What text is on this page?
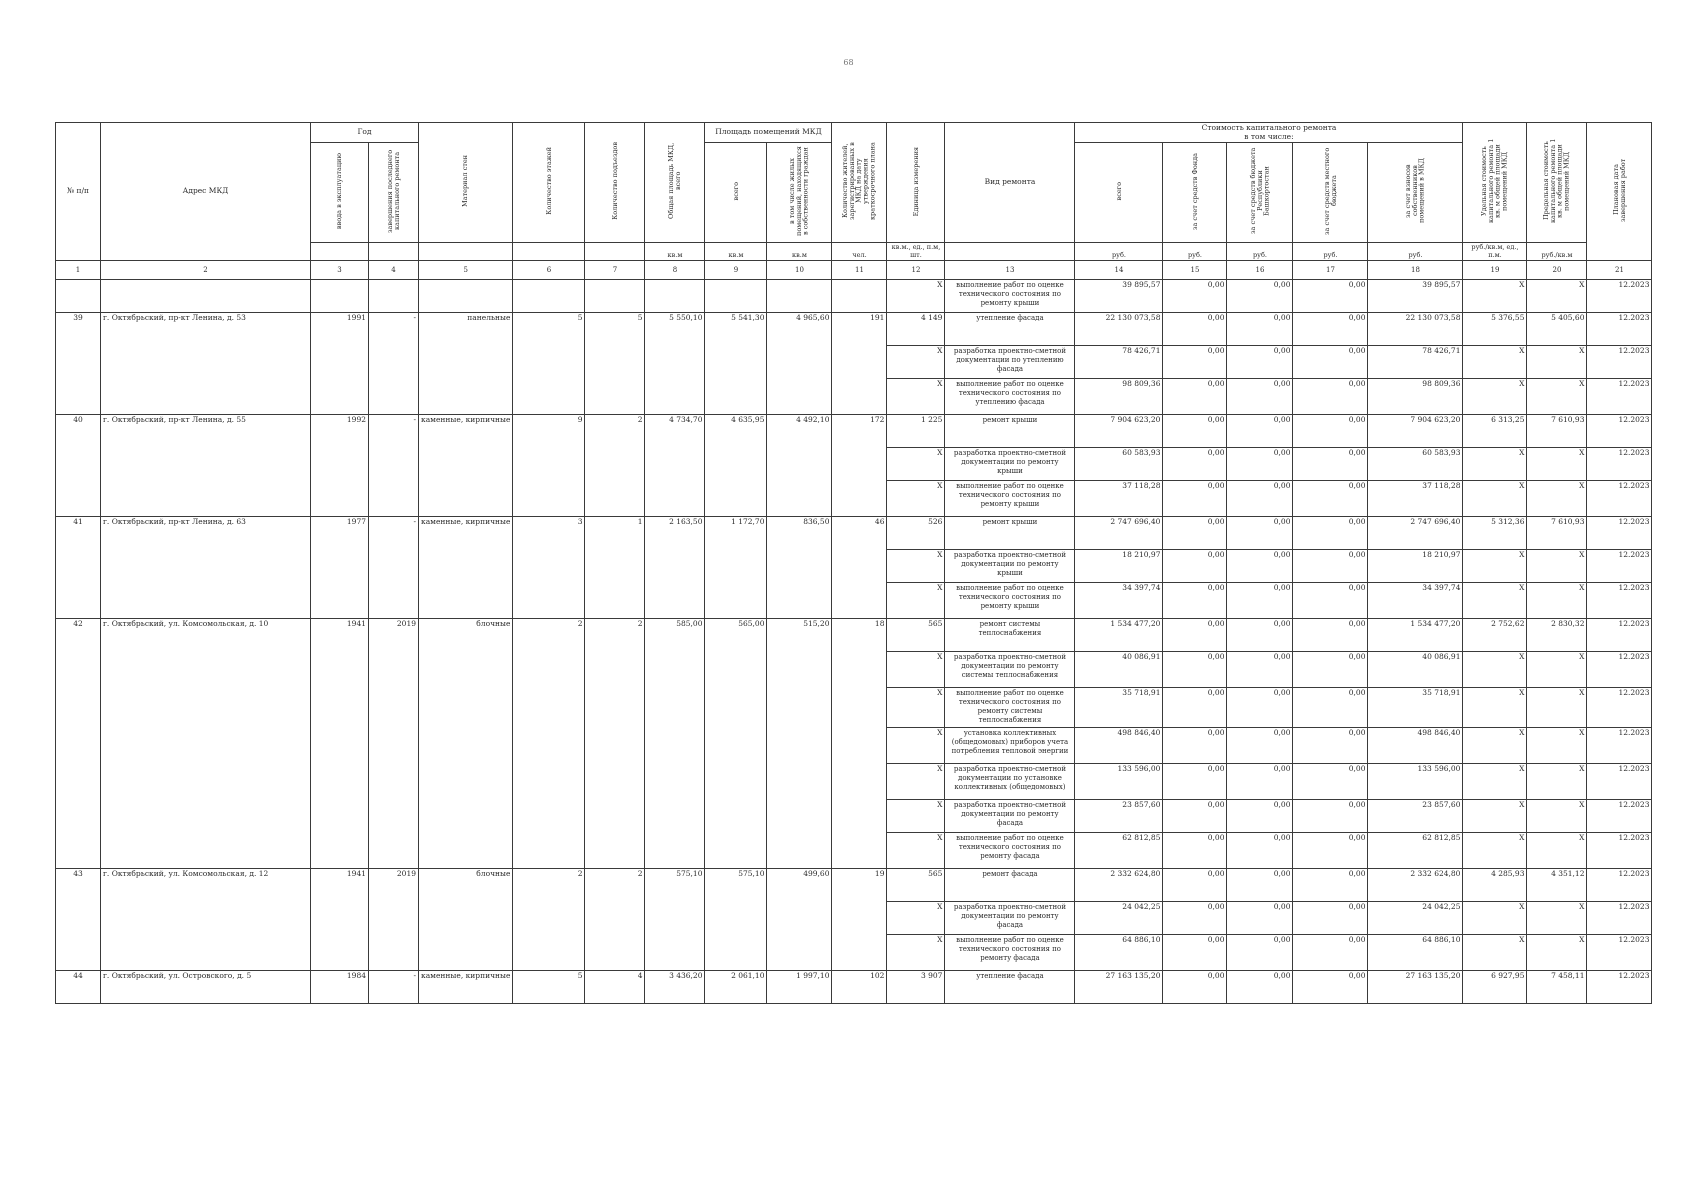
68
№ п/п	Адрес МКД	Год		Материал стен	Количество этажей	Количество подъездов	Общая площадь МКД, всего	Площадь помещений МКД		Количество жителей, зарегистрированных в МКД на дату утверждения краткосрочного плана	Единица измерения	Вид ремонта	Стоимость капитального ремонта
в том числе:					Удельная стоимость капитального ремонта 1 кв. м общей площади помещений МКД	Предельная стоимость капитального ремонта 1 кв. м общей площади помещений МКД	Плановая дата завершения работ
		ввода в эксплуатацию	завершения последнего капитального ремонта					всего	в том числе жилых помещений, находящихся в собственности граждан				всего	за счет средств Фонда	за счет средств бюджета Республики Башкортостан	за счет средств местного бюджета	за счет взносов собственников помещений в МКД			
							кв.м	кв.м	кв.м	чел.	кв.м., ед., п.м, шт.		руб.	руб.	руб.	руб.	руб.	руб./кв.м, ед., п.м.	руб./кв.м	
1	2	3	4	5	6	7	8	9	10	11	12	13	14	15	16	17	18	19	20	21
											X	выполнение работ по оценке технического состояния по ремонту крыши	39 895,57	0,00	0,00	0,00	39 895,57	X	X	12.2023
39	г. Октябрьский, пр-кт Ленина, д. 53	1991	-	панельные	5	5	5 550,10	5 541,30	4 965,60	191	4 149	утепление фасада	22 130 073,58	0,00	0,00	0,00	22 130 073,58	5 376,55	5 405,60	12.2023
											X	разработка проектно-сметной документации по утеплению фасада	78 426,71	0,00	0,00	0,00	78 426,71	X	X	12.2023
											X	выполнение работ по оценке технического состояния по утеплению фасада	98 809,36	0,00	0,00	0,00	98 809,36	X	X	12.2023
40	г. Октябрьский, пр-кт Ленина, д. 55	1992	-	каменные, кирпичные	9	2	4 734,70	4 635,95	4 492,10	172	1 225	ремонт крыши	7 904 623,20	0,00	0,00	0,00	7 904 623,20	6 313,25	7 610,93	12.2023
											X	разработка проектно-сметной документации по ремонту крыши	60 583,93	0,00	0,00	0,00	60 583,93	X	X	12.2023
											X	выполнение работ по оценке технического состояния по ремонту крыши	37 118,28	0,00	0,00	0,00	37 118,28	X	X	12.2023
41	г. Октябрьский, пр-кт Ленина, д. 63	1977	-	каменные, кирпичные	3	1	2 163,50	1 172,70	836,50	46	526	ремонт крыши	2 747 696,40	0,00	0,00	0,00	2 747 696,40	5 312,36	7 610,93	12.2023
											X	разработка проектно-сметной документации по ремонту крыши	18 210,97	0,00	0,00	0,00	18 210,97	X	X	12.2023
											X	выполнение работ по оценке технического состояния по ремонту крыши	34 397,74	0,00	0,00	0,00	34 397,74	X	X	12.2023
42	г. Октябрьский, ул. Комсомольская, д. 10	1941	2019	блочные	2	2	585,00	565,00	515,20	18	565	ремонт системы теплоснабжения	1 534 477,20	0,00	0,00	0,00	1 534 477,20	2 752,62	2 830,32	12.2023
											X	разработка проектно-сметной документации по ремонту системы теплоснабжения	40 086,91	0,00	0,00	0,00	40 086,91	X	X	12.2023
											X	выполнение работ по оценке технического состояния по ремонту системы теплоснабжения	35 718,91	0,00	0,00	0,00	35 718,91	X	X	12.2023
											X	установка коллективных (общедомовых) приборов учета потребления тепловой энергии	498 846,40	0,00	0,00	0,00	498 846,40	X	X	12.2023
											X	разработка проектно-сметной документации по установке коллективных (общедомовых)	133 596,00	0,00	0,00	0,00	133 596,00	X	X	12.2023
											X	разработка проектно-сметной документации по ремонту фасада	23 857,60	0,00	0,00	0,00	23 857,60	X	X	12.2023
											X	выполнение работ по оценке технического состояния по ремонту фасада	62 812,85	0,00	0,00	0,00	62 812,85	X	X	12.2023
43	г. Октябрьский, ул. Комсомольская, д. 12	1941	2019	блочные	2	2	575,10	575,10	499,60	19	565	ремонт фасада	2 332 624,80	0,00	0,00	0,00	2 332 624,80	4 285,93	4 351,12	12.2023
											X	разработка проектно-сметной документации по ремонту фасада	24 042,25	0,00	0,00	0,00	24 042,25	X	X	12.2023
											X	выполнение работ по оценке технического состояния по ремонту фасада	64 886,10	0,00	0,00	0,00	64 886,10	X	X	12.2023
44	г. Октябрьский, ул. Островского, д. 5	1984	-	каменные, кирпичные	5	4	3 436,20	2 061,10	1 997,10	102	3 907	утепление фасада	27 163 135,20	0,00	0,00	0,00	27 163 135,20	6 927,95	7 458,11	12.2023
